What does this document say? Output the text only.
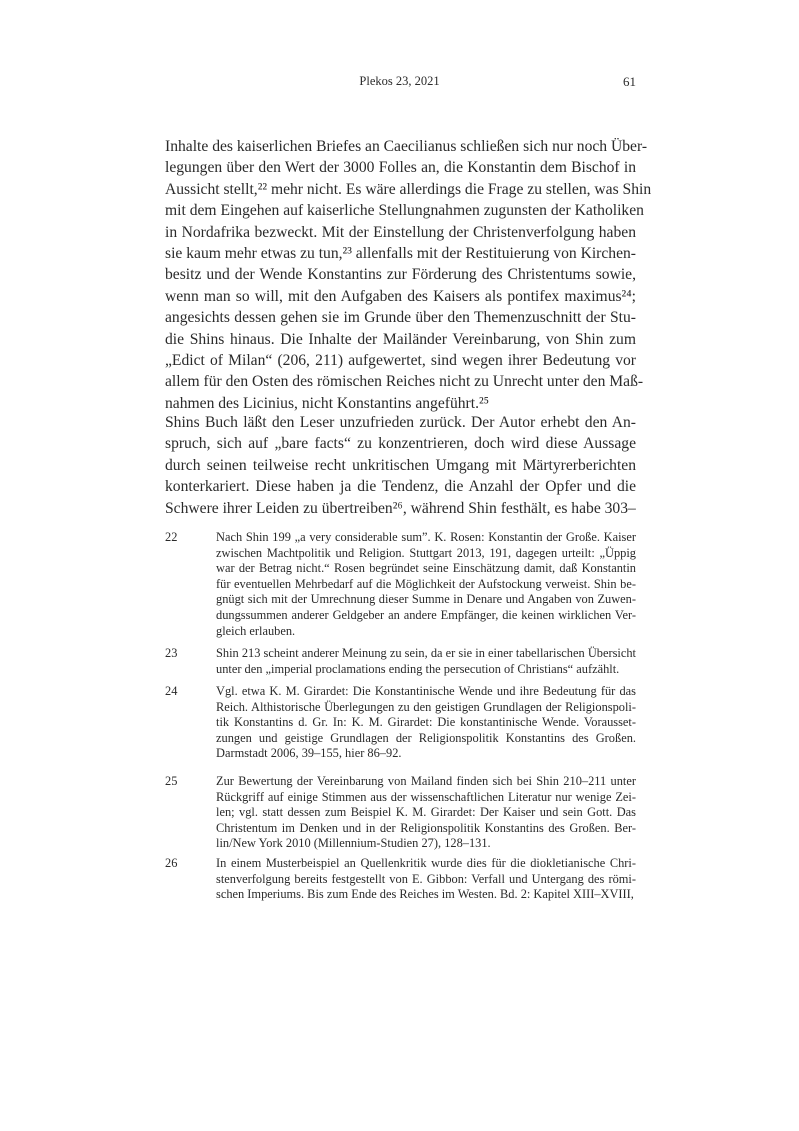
Plekos 23, 2021	61
Inhalte des kaiserlichen Briefes an Caecilianus schließen sich nur noch Über-
legungen über den Wert der 3000 Folles an, die Konstantin dem Bischof in
Aussicht stellt,²² mehr nicht. Es wäre allerdings die Frage zu stellen, was Shin
mit dem Eingehen auf kaiserliche Stellungnahmen zugunsten der Katholiken
in Nordafrika bezweckt. Mit der Einstellung der Christenverfolgung haben
sie kaum mehr etwas zu tun,²³ allenfalls mit der Restituierung von Kirchen-
besitz und der Wende Konstantins zur Förderung des Christentums sowie,
wenn man so will, mit den Aufgaben des Kaisers als pontifex maximus²⁴;
angesichts dessen gehen sie im Grunde über den Themenzuschnitt der Stu-
die Shins hinaus. Die Inhalte der Mailänder Vereinbarung, von Shin zum
„Edict of Milan“ (206, 211) aufgewertet, sind wegen ihrer Bedeutung vor
allem für den Osten des römischen Reiches nicht zu Unrecht unter den Maß-
nahmen des Licinius, nicht Konstantins angeführt.²⁵
Shins Buch läßt den Leser unzufrieden zurück. Der Autor erhebt den An-
spruch, sich auf „bare facts“ zu konzentrieren, doch wird diese Aussage
durch seinen teilweise recht unkritischen Umgang mit Märtyrerberichten
konterkariert. Diese haben ja die Tendenz, die Anzahl der Opfer und die
Schwere ihrer Leiden zu übertreiben²⁶, während Shin festhält, es habe 303–
22	Nach Shin 199 „a very considerable sum”. K. Rosen: Konstantin der Große. Kaiser
zwischen Machtpolitik und Religion. Stuttgart 2013, 191, dagegen urteilt: „Üppig
war der Betrag nicht.“ Rosen begründet seine Einschätzung damit, daß Konstantin
für eventuellen Mehrbedarf auf die Möglichkeit der Aufstockung verweist. Shin be-
gnügt sich mit der Umrechnung dieser Summe in Denare und Angaben von Zuwen-
dungssummen anderer Geldgeber an andere Empfänger, die keinen wirklichen Ver-
gleich erlauben.
23	Shin 213 scheint anderer Meinung zu sein, da er sie in einer tabellarischen Übersicht
unter den „imperial proclamations ending the persecution of Christians“ aufzählt.
24	Vgl. etwa K. M. Girardet: Die Konstantinische Wende und ihre Bedeutung für das
Reich. Althistorische Überlegungen zu den geistigen Grundlagen der Religionspoli-
tik Konstantins d. Gr. In: K. M. Girardet: Die konstantinische Wende. Vorausset-
zungen und geistige Grundlagen der Religionspolitik Konstantins des Großen.
Darmstadt 2006, 39–155, hier 86–92.
25	Zur Bewertung der Vereinbarung von Mailand finden sich bei Shin 210–211 unter
Rückgriff auf einige Stimmen aus der wissenschaftlichen Literatur nur wenige Zei-
len; vgl. statt dessen zum Beispiel K. M. Girardet: Der Kaiser und sein Gott. Das
Christentum im Denken und in der Religionspolitik Konstantins des Großen. Ber-
lin/New York 2010 (Millennium-Studien 27), 128–131.
26	In einem Musterbeispiel an Quellenkritik wurde dies für die diokletianische Chri-
stenverfolgung bereits festgestellt von E. Gibbon: Verfall und Untergang des römi-
schen Imperiums. Bis zum Ende des Reiches im Westen. Bd. 2: Kapitel XIII–XVIII,
